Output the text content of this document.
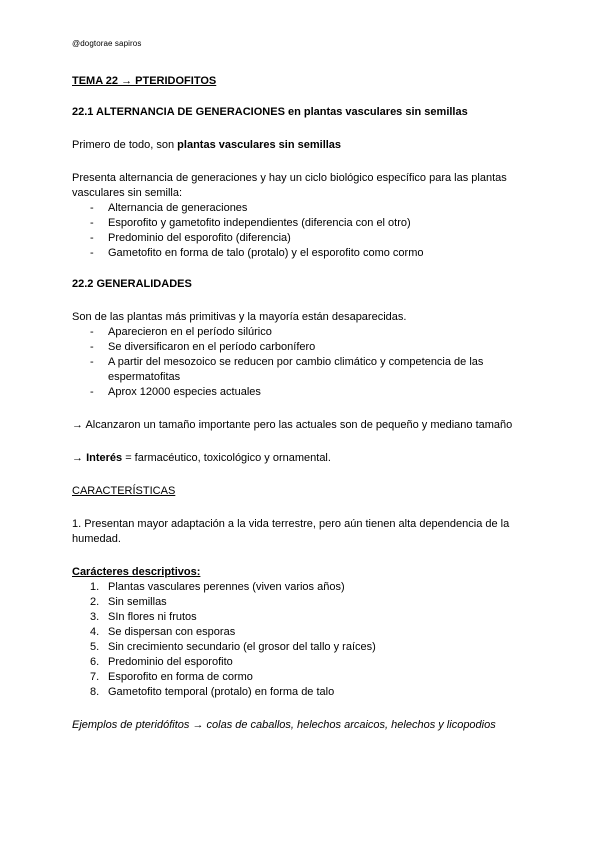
@dogtorae sapiros

TEMA 22 → PTERIDOFITOS

22.1 ALTERNANCIA DE GENERACIONES en plantas vasculares sin semillas

Primero de todo, son plantas vasculares sin semillas

Presenta alternancia de generaciones y hay un ciclo biológico específico para las plantas vasculares sin semilla:

- Alternancia de generaciones
- Esporofito y gametofito independientes (diferencia con el otro)
- Predominio del esporofito (diferencia)
- Gametofito en forma de talo (protalo) y el esporofito como cormo

22.2 GENERALIDADES

Son de las plantas más primitivas y la mayoría están desaparecidas.

- Aparecieron en el período silúrico
- Se diversificaron en el período carbonífero
- A partir del mesozoico se reducen por cambio climático y competencia de las espermatofitas
- Aprox 12000 especies actuales

→ Alcanzaron un tamaño importante pero las actuales son de pequeño y mediano tamaño

→ Interés = farmacéutico, toxicológico y ornamental.

CARACTERÍSTICAS

1. Presentan mayor adaptación a la vida terrestre, pero aún tienen alta dependencia de la humedad.

Carácteres descriptivos:

1. Plantas vasculares perennes (viven varios años)
2. Sin semillas
3. SIn flores ni frutos
4. Se dispersan con esporas
5. Sin crecimiento secundario (el grosor del tallo y raíces)
6. Predominio del esporofito
7. Esporofito en forma de cormo
8. Gametofito temporal (protalo) en forma de talo

Ejemplos de pteridófitos → colas de caballos, helechos arcaicos, helechos y licopodios
